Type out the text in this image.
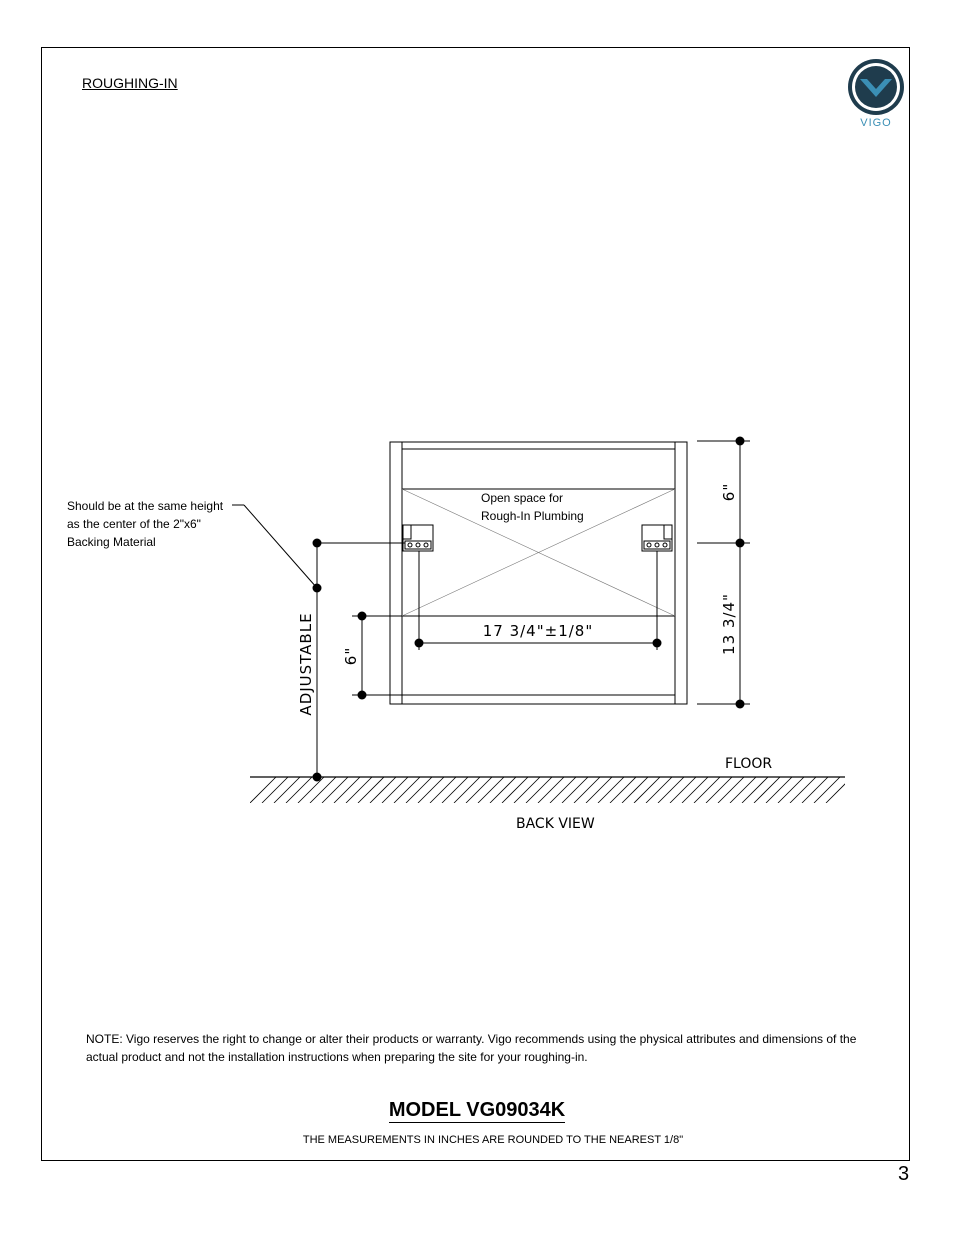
ROUGHING-IN
VIGO
17 3/4"±1/8"
6"
13 3/4"
6"
ADJUSTABLE
Should be at the same height
as the center of the 2"x6"
Backing Material
Open space for
Rough-In Plumbing
FLOOR
BACK VIEW
NOTE: Vigo reserves the right to change or alter their products or warranty. Vigo recommends using the physical attributes and dimensions of the actual product and not the installation instructions when preparing the site for your roughing-in.
MODEL VG09034K
THE MEASUREMENTS IN INCHES ARE ROUNDED TO THE NEAREST 1/8"
3
